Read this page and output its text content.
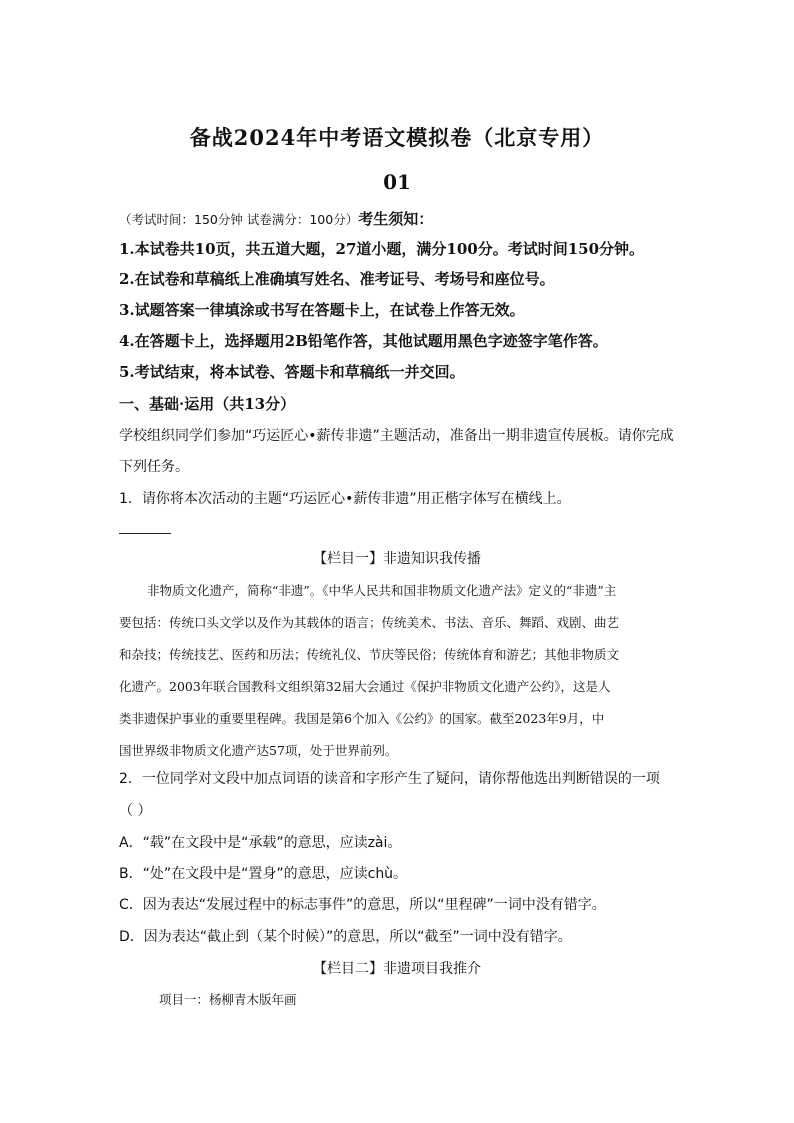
备战2024年中考语文模拟卷（北京专用）
01
（考试时间：150分钟 试卷满分：100分）考生须知：
1.本试卷共10页，共五道大题，27道小题，满分100分。考试时间150分钟。
2.在试卷和草稿纸上准确填写姓名、准考证号、考场号和座位号。
3.试题答案一律填涂或书写在答题卡上，在试卷上作答无效。
4.在答题卡上，选择题用2B铅笔作答，其他试题用黑色字迹签字笔作答。
5.考试结束，将本试卷、答题卡和草稿纸一并交回。
一、基础·运用（共13分）
学校组织同学们参加“巧运匠心•薪传非遗”主题活动，准备出一期非遗宣传展板。请你完成
下列任务。
1．请你将本次活动的主题“巧运匠心•薪传非遗”用正楷字体写在横线上。
【栏目一】非遗知识我传播
非物质文化遗产，简称“非遗”。《中华人民共和国非物质文化遗产法》定义的“非遗”主
要包括：传统口头文学以及作为其载体的语言；传统美术、书法、音乐、舞蹈、戏剧、曲艺
和杂技；传统技艺、医药和历法；传统礼仪、节庆等民俗；传统体育和游艺；其他非物质文
化遗产。2003年联合国教科文组织第32届大会通过《保护非物质文化遗产公约》，这是人
类非遗保护事业的重要里程碑。我国是第6个加入《公约》的国家。截至2023年9月，中
国世界级非物质文化遗产达57项，处于世界前列。
2．一位同学对文段中加点词语的读音和字形产生了疑问，请你帮他选出判断错误的一项
（ ）
A．“载”在文段中是“承载”的意思，应读zài。
B．“处”在文段中是“置身”的意思，应读chù。
C．因为表达“发展过程中的标志事件”的意思，所以“里程碑”一词中没有错字。
D．因为表达“截止到（某个时候）”的意思，所以“截至”一词中没有错字。
【栏目二】非遗项目我推介
项目一：杨柳青木版年画
